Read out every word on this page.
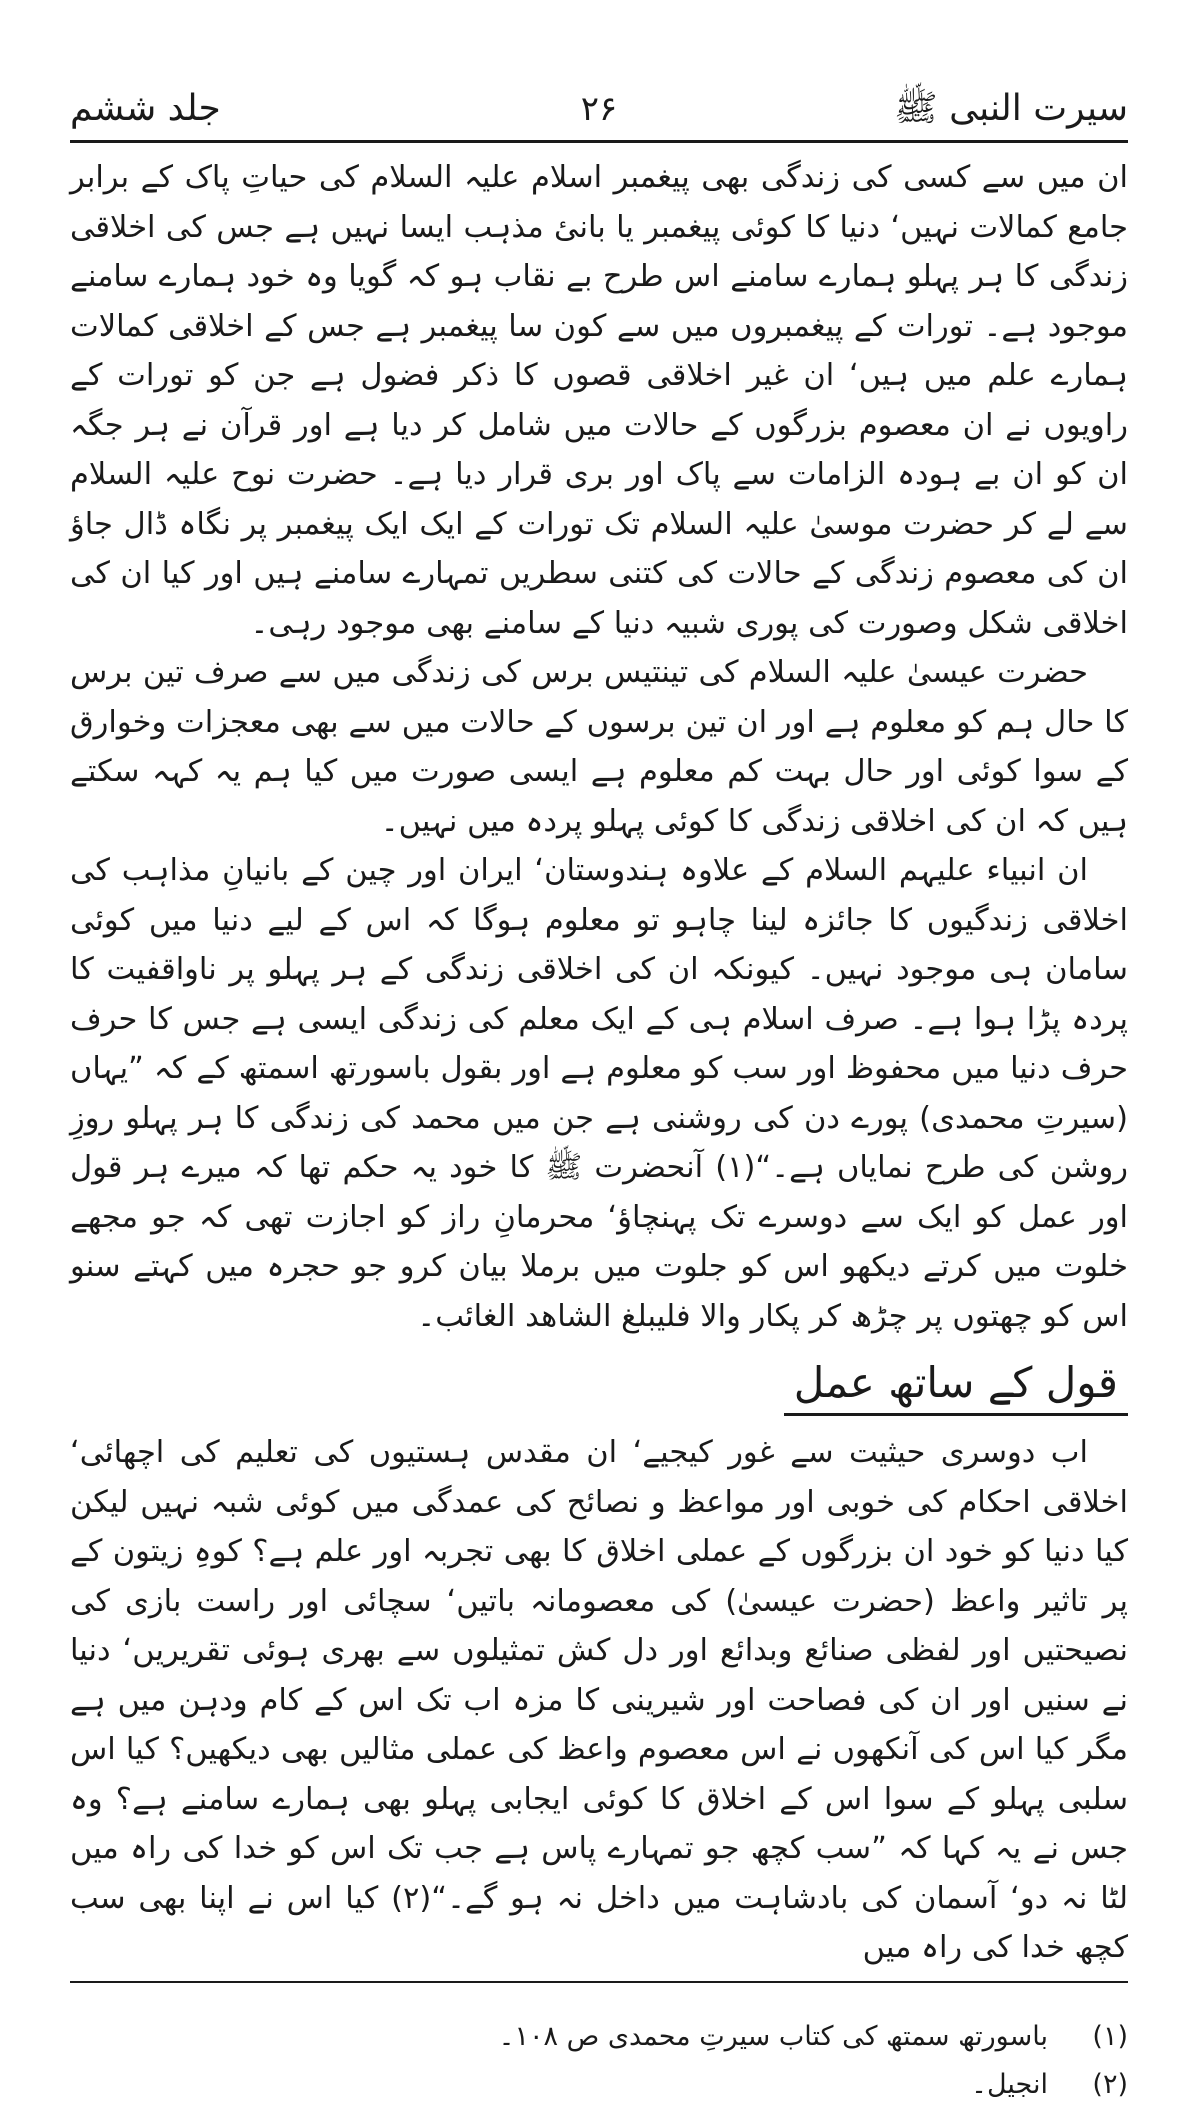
سیرت النبی ﷺ
۲۶
جلد ششم

ان میں سے کسی کی زندگی بھی پیغمبر اسلام علیہ السلام کی حیاتِ پاک کے برابر جامع کمالات نہیں‘ دنیا کا کوئی پیغمبر یا بانیٔ مذہب ایسا نہیں ہے جس کی اخلاقی زندگی کا ہر پہلو ہمارے سامنے اس طرح بے نقاب ہو کہ گویا وہ خود ہمارے سامنے موجود ہے۔ تورات کے پیغمبروں میں سے کون سا پیغمبر ہے جس کے اخلاقی کمالات ہمارے علم میں ہیں‘ ان غیر اخلاقی قصوں کا ذکر فضول ہے جن کو تورات کے راویوں نے ان معصوم بزرگوں کے حالات میں شامل کر دیا ہے اور قرآن نے ہر جگہ ان کو ان بے ہودہ الزامات سے پاک اور بری قرار دیا ہے۔ حضرت نوح علیہ السلام سے لے کر حضرت موسیٰ علیہ السلام تک تورات کے ایک ایک پیغمبر پر نگاہ ڈال جاؤ ان کی معصوم زندگی کے حالات کی کتنی سطریں تمہارے سامنے ہیں اور کیا ان کی اخلاقی شکل وصورت کی پوری شبیہ دنیا کے سامنے بھی موجود رہی۔

حضرت عیسیٰ علیہ السلام کی تینتیس برس کی زندگی میں سے صرف تین برس کا حال ہم کو معلوم ہے اور ان تین برسوں کے حالات میں سے بھی معجزات وخوارق کے سوا کوئی اور حال بہت کم معلوم ہے ایسی صورت میں کیا ہم یہ کہہ سکتے ہیں کہ ان کی اخلاقی زندگی کا کوئی پہلو پردہ میں نہیں۔

ان انبیاء علیہم السلام کے علاوہ ہندوستان‘ ایران اور چین کے بانیانِ مذاہب کی اخلاقی زندگیوں کا جائزہ لینا چاہو تو معلوم ہوگا کہ اس کے لیے دنیا میں کوئی سامان ہی موجود نہیں۔ کیونکہ ان کی اخلاقی زندگی کے ہر پہلو پر ناواقفیت کا پردہ پڑا ہوا ہے۔ صرف اسلام ہی کے ایک معلم کی زندگی ایسی ہے جس کا حرف حرف دنیا میں محفوظ اور سب کو معلوم ہے اور بقول باسورتھ اسمتھ کے کہ ”یہاں (سیرتِ محمدی) پورے دن کی روشنی ہے جن میں محمد کی زندگی کا ہر پہلو روزِ روشن کی طرح نمایاں ہے۔“(۱) آنحضرت ﷺ کا خود یہ حکم تھا کہ میرے ہر قول اور عمل کو ایک سے دوسرے تک پہنچاؤ‘ محرمانِ راز کو اجازت تھی کہ جو مجھے خلوت میں کرتے دیکھو اس کو جلوت میں برملا بیان کرو جو حجرہ میں کہتے سنو اس کو چھتوں پر چڑھ کر پکار والا فلیبلغ الشاھد الغائب۔

قول کے ساتھ عمل

اب دوسری حیثیت سے غور کیجیے‘ ان مقدس ہستیوں کی تعلیم کی اچھائی‘ اخلاقی احکام کی خوبی اور مواعظ و نصائح کی عمدگی میں کوئی شبہ نہیں لیکن کیا دنیا کو خود ان بزرگوں کے عملی اخلاق کا بھی تجربہ اور علم ہے؟ کوہِ زیتون کے پر تاثیر واعظ (حضرت عیسیٰ) کی معصومانہ باتیں‘ سچائی اور راست بازی کی نصیحتیں اور لفظی صنائع وبدائع اور دل کش تمثیلوں سے بھری ہوئی تقریریں‘ دنیا نے سنیں اور ان کی فصاحت اور شیرینی کا مزہ اب تک اس کے کام ودہن میں ہے مگر کیا اس کی آنکھوں نے اس معصوم واعظ کی عملی مثالیں بھی دیکھیں؟ کیا اس سلبی پہلو کے سوا اس کے اخلاق کا کوئی ایجابی پہلو بھی ہمارے سامنے ہے؟ وہ جس نے یہ کہا کہ ”سب کچھ جو تمہارے پاس ہے جب تک اس کو خدا کی راہ میں لٹا نہ دو‘ آسمان کی بادشاہت میں داخل نہ ہو گے۔“(۲) کیا اس نے اپنا بھی سب کچھ خدا کی راہ میں

(۱)
باسورتھ سمتھ کی کتاب سیرتِ محمدی ص ۱۰۸۔
(۲)
انجیل۔
